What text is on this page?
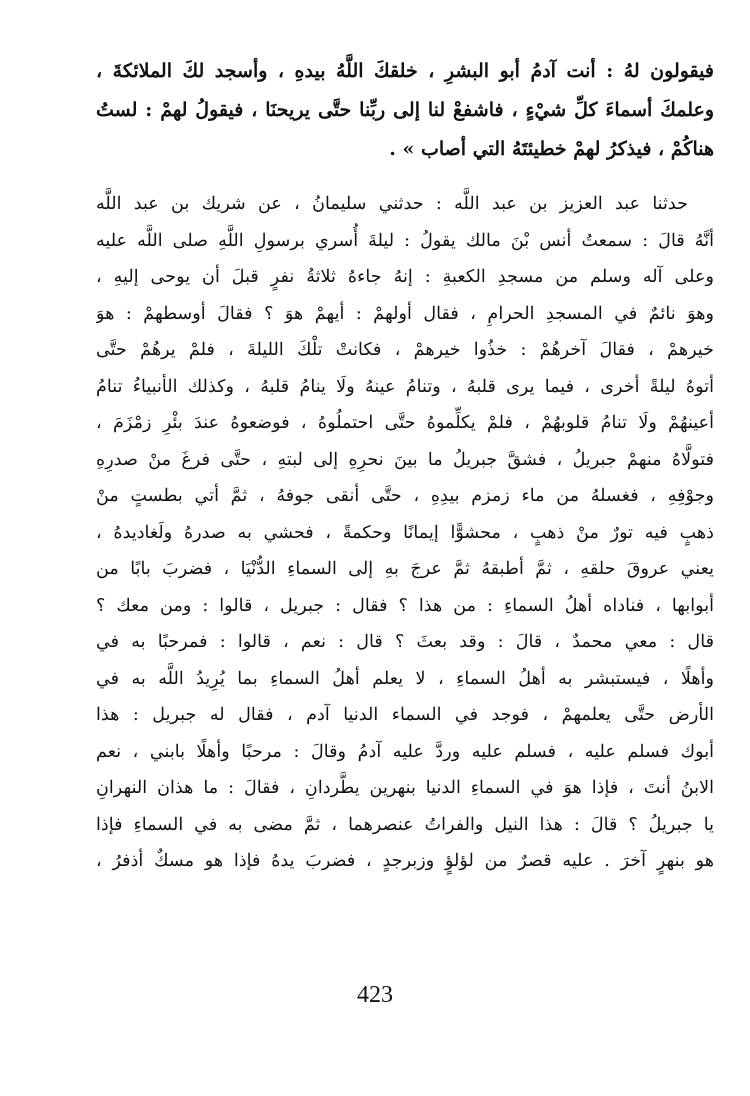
فيقولون لهُ : أنت آدمُ أبو البشرِ ، خلقكَ اللَّهُ بيدهِ ، وأسجد لكَ الملائكةَ ،
وعلمكَ أسماءَ كلِّ شيْءٍ ، فاشفعْ لنا إلى ربِّنا حتَّى يريحنَا ، فيقولُ لهمْ : لستُ
هناكُمْ ، فيذكرُ لهمْ خطيئتَهُ التي أصاب » .
حدثنا عبد العزيز بن عبد اللَّه : حدثني سليمانُ ، عن شريك بن عبد اللَّه
أنَّهُ قالَ : سمعتُ أنس بْنَ مالك يقولُ : ليلةَ أُسري برسولِ اللَّهِ صلى اللَّه عليه
وعلى آله وسلم من مسجدِ الكعبةِ : إنهُ جاءهُ ثلاثةُ نفرٍ قبلَ أن يوحى إليهِ ،
وهوَ نائمٌ في المسجدِ الحرامِ ، فقال أولهمْ : أيهمْ هوَ ؟ فقالَ أوسطهمْ : هوَ
خيرهمْ ، فقالَ آخرهُمْ : خذُوا خيرهمْ ، فكانتْ تلْكَ الليلةَ ، فلمْ يرهُمْ حتَّى
أتوهُ ليلةً أخرى ، فيما يرى قلبهُ ، وتنامُ عينهُ ولَا ينامُ قلبهُ ، وكذلك الأنبياءُ تنامُ
أعينهُمْ ولَا تنامُ قلوبهُمْ ، فلمْ يكلِّموهُ حتَّى احتملُوهُ ، فوضعوهُ عندَ بئْرِ زمْزَمَ ،
فتولَّاهُ منهمْ جبريلُ ، فشقَّ جبريلُ ما بينَ نحرِهِ إلى لبتهِ ، حتَّى فرغَ منْ صدرِهِ
وجوْفِهِ ، فغسلهُ من ماء زمزم بيدِهِ ، حتَّى أنقى جوفهُ ، ثمَّ أتي بطستٍ منْ
ذهبٍ فيه تورٌ منْ ذهبٍ ، محشوًّا إيمانًا وحكمةً ، فحشي به صدرهُ ولَغاديدهُ ،
يعني عروقَ حلقهِ ، ثمَّ أطبقهُ ثمَّ عرجَ بهِ إلى السماءِ الدُّنْيَا ، فضربَ بابًا من
أبوابها ، فناداه أهلُ السماءِ : من هذا ؟ فقال : جبريل ، قالوا : ومن معك ؟
قال : معي محمدٌ ، قالَ : وقد بعثَ ؟ قال : نعم ، قالوا : فمرحبًا به في
وأهلًا ، فيستبشر به أهلُ السماءِ ، لا يعلم أهلُ السماءِ بما يُرِيدُ اللَّه به في
الأرض حتَّى يعلمهمْ ، فوجد في السماء الدنيا آدم ، فقال له جبريل : هذا
أبوك فسلم عليه ، فسلم عليه وردَّ عليه آدمُ وقالَ : مرحبًا وأهلًا بابني ، نعم
الابنُ أنتَ ، فإذا هوَ في السماءِ الدنيا بنهرين يطَّردانِ ، فقالَ : ما هذان النهرانِ
يا جبريلُ ؟ قالَ : هذا النيل والفراتُ عنصرهما ، ثمَّ مضى به في السماءِ فإذا
هو بنهرٍ آخرَ . عليه قصرٌ من لؤلؤٍ وزبرجدٍ ، فضربَ يدهُ فإذا هو مسكٌ أذفرُ ،
423
